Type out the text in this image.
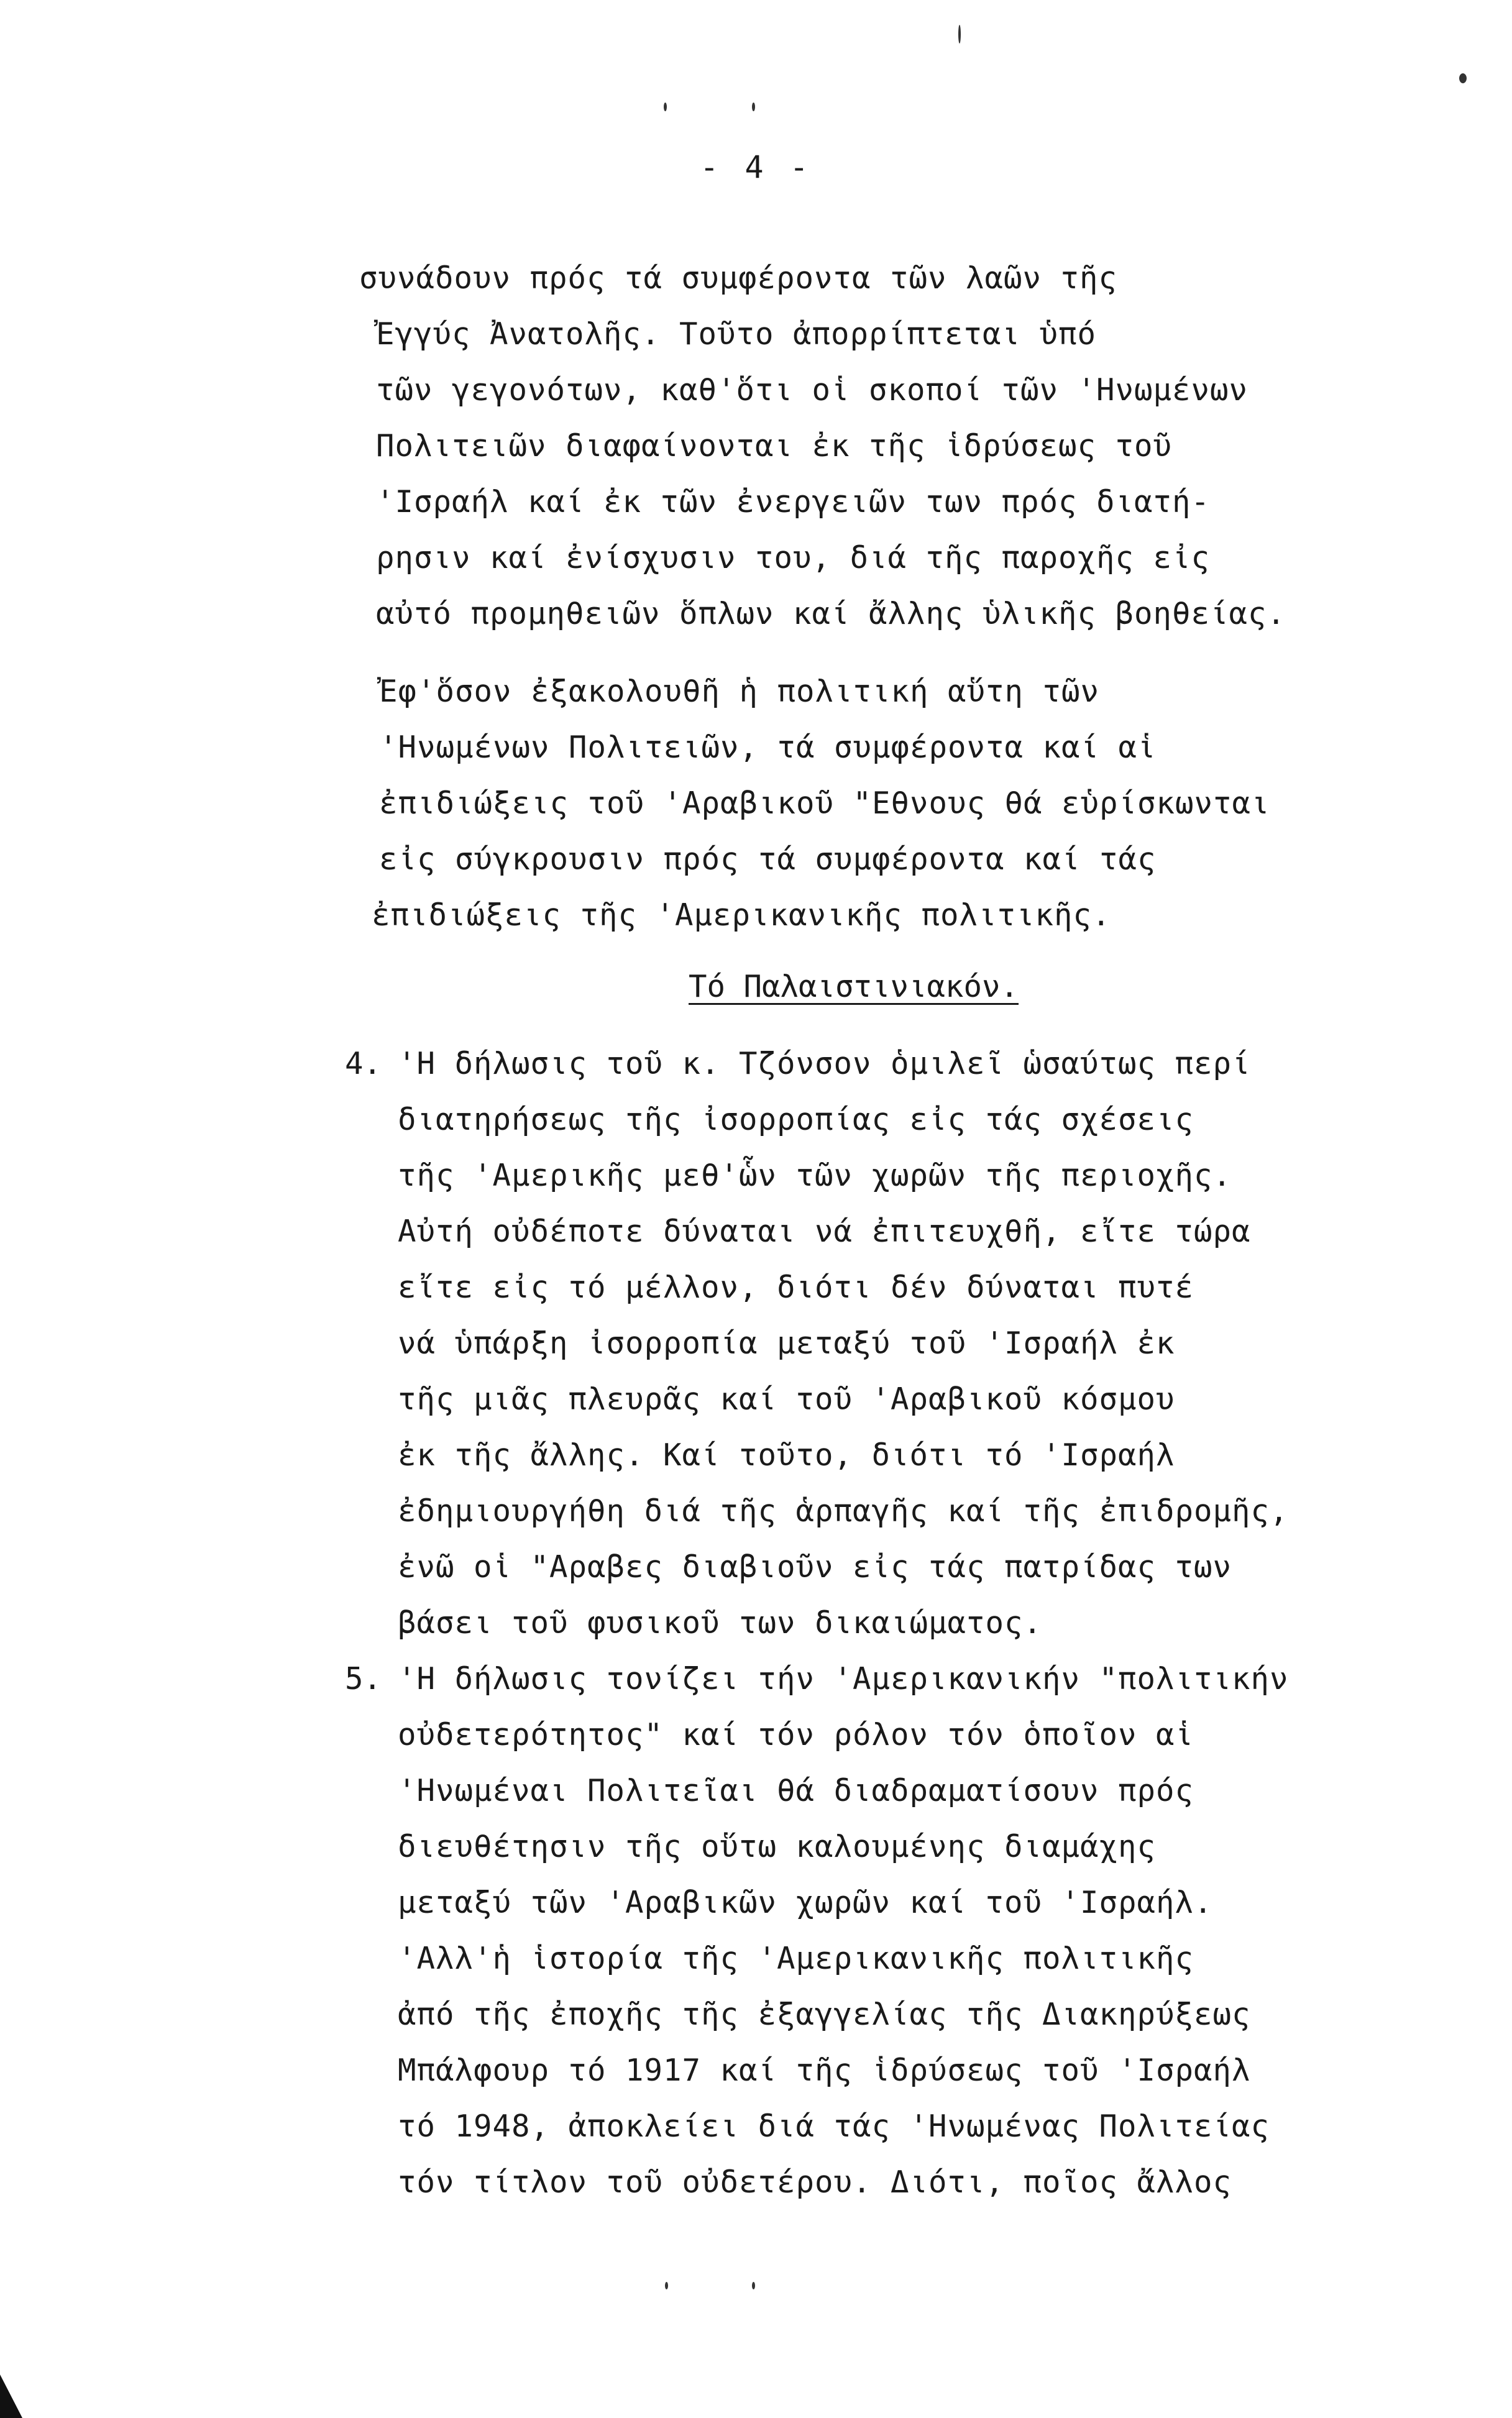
- 4 -
συνάδουν πρός τά συμφέροντα τῶν λαῶν τῆς
Ἐγγύς Ἀνατολῆς. Τοῦτο ἀπορρίπτεται ὑπό
τῶν γεγονότων, καθ'ὅτι οἱ σκοποί τῶν 'Ηνωμένων
Πολιτειῶν διαφαίνονται ἐκ τῆς ἱδρύσεως τοῦ
'Ισραήλ καί ἐκ τῶν ἐνεργειῶν των πρός διατή-
ρησιν καί ἐνίσχυσιν του, διά τῆς παροχῆς εἰς
αὐτό προμηθειῶν ὅπλων καί ἄλλης ὑλικῆς βοηθείας.
Ἐφ'ὅσον ἐξακολουθῆ ἡ πολιτική αὕτη τῶν
'Ηνωμένων Πολιτειῶν, τά συμφέροντα καί αἱ
ἐπιδιώξεις τοῦ 'Αραβικοῦ "Εθνους θά εὑρίσκωνται
εἰς σύγκρουσιν πρός τά συμφέροντα καί τάς
ἐπιδιώξεις τῆς 'Αμερικανικῆς πολιτικῆς.
Τό Παλαιστινιακόν.
4. 'Η δήλωσις τοῦ κ. Τζόνσον ὁμιλεῖ ὡσαύτως περί
διατηρήσεως τῆς ἰσορροπίας εἰς τάς σχέσεις
τῆς 'Αμερικῆς μεθ'ὧν τῶν χωρῶν τῆς περιοχῆς.
Αὐτή οὐδέποτε δύναται νά ἐπιτευχθῆ, εἴτε τώρα
εἴτε εἰς τό μέλλον, διότι δέν δύναται πυτέ
νά ὑπάρξη ἰσορροπία μεταξύ τοῦ 'Ισραήλ ἐκ
τῆς μιᾶς πλευρᾶς καί τοῦ 'Αραβικοῦ κόσμου
ἐκ τῆς ἄλλης. Καί τοῦτο, διότι τό 'Ισραήλ
ἐδημιουργήθη διά τῆς ἁρπαγῆς καί τῆς ἐπιδρομῆς,
ἐνῶ οἱ "Αραβες διαβιοῦν εἰς τάς πατρίδας των
βάσει τοῦ φυσικοῦ των δικαιώματος.
5. 'Η δήλωσις τονίζει τήν 'Αμερικανικήν "πολιτικήν
οὐδετερότητος" καί τόν ρόλον τόν ὁποῖον αἱ
'Ηνωμέναι Πολιτεῖαι θά διαδραματίσουν πρός
διευθέτησιν τῆς οὕτω καλουμένης διαμάχης
μεταξύ τῶν 'Αραβικῶν χωρῶν καί τοῦ 'Ισραήλ.
'Αλλ'ἡ ἱστορία τῆς 'Αμερικανικῆς πολιτικῆς
ἀπό τῆς ἐποχῆς τῆς ἐξαγγελίας τῆς Διακηρύξεως
Μπάλφουρ τό 1917 καί τῆς ἱδρύσεως τοῦ 'Ισραήλ
τό 1948, ἀποκλείει διά τάς 'Ηνωμένας Πολιτείας
τόν τίτλον τοῦ οὐδετέρου. Διότι, ποῖος ἄλλος
